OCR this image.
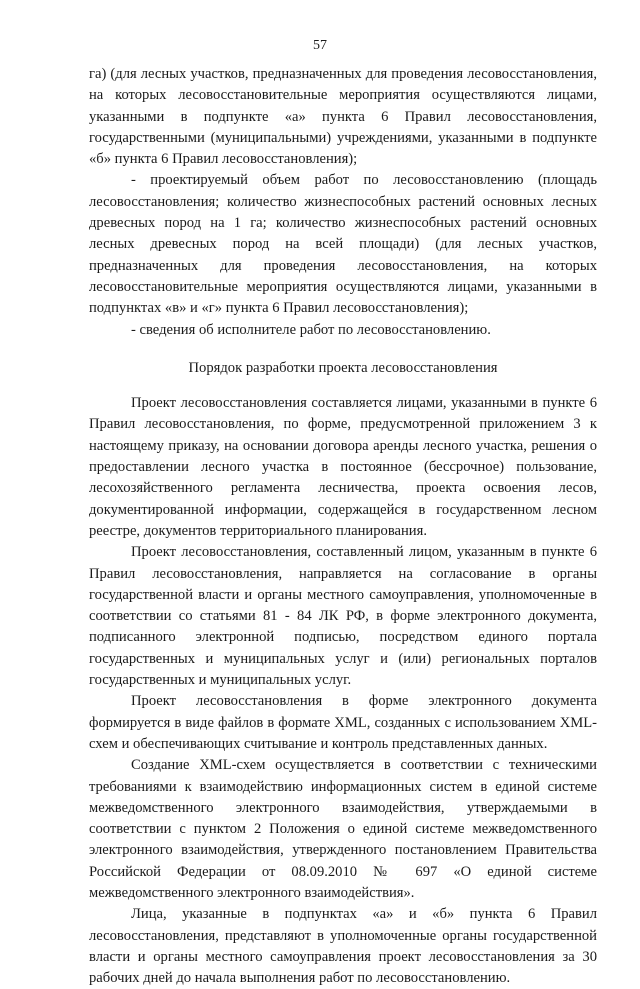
57

га) (для лесных участков, предназначенных для проведения лесовосстановления, на которых лесовосстановительные мероприятия осуществляются лицами, указанными в подпункте «а» пункта 6 Правил лесовосстановления, государственными (муниципальными) учреждениями, указанными в подпункте «б» пункта 6 Правил лесовосстановления);

- проектируемый объем работ по лесовосстановлению (площадь лесовосстановления; количество жизнеспособных растений основных лесных древесных пород на 1 га; количество жизнеспособных растений основных лесных древесных пород на всей площади) (для лесных участков, предназначенных для проведения лесовосстановления, на которых лесовосстановительные мероприятия осуществляются лицами, указанными в подпунктах «в» и «г» пункта 6 Правил лесовосстановления);

- сведения об исполнителе работ по лесовосстановлению.

Порядок разработки проекта лесовосстановления

Проект лесовосстановления составляется лицами, указанными в пункте 6 Правил лесовосстановления, по форме, предусмотренной приложением 3 к настоящему приказу, на основании договора аренды лесного участка, решения о предоставлении лесного участка в постоянное (бессрочное) пользование, лесохозяйственного регламента лесничества, проекта освоения лесов, документированной информации, содержащейся в государственном лесном реестре, документов территориального планирования.

Проект лесовосстановления, составленный лицом, указанным в пункте 6 Правил лесовосстановления, направляется на согласование в органы государственной власти и органы местного самоуправления, уполномоченные в соответствии со статьями 81 - 84 ЛК РФ, в форме электронного документа, подписанного электронной подписью, посредством единого портала государственных и муниципальных услуг и (или) региональных порталов государственных и муниципальных услуг.

Проект лесовосстановления в форме электронного документа формируется в виде файлов в формате XML, созданных с использованием XML-схем и обеспечивающих считывание и контроль представленных данных.

Создание XML-схем осуществляется в соответствии с техническими требованиями к взаимодействию информационных систем в единой системе межведомственного электронного взаимодействия, утверждаемыми в соответствии с пунктом 2 Положения о единой системе межведомственного электронного взаимодействия, утвержденного постановлением Правительства Российской Федерации от 08.09.2010 № 697 «О единой системе межведомственного электронного взаимодействия».

Лица, указанные в подпунктах «а» и «б» пункта 6 Правил лесовосстановления, представляют в уполномоченные органы государственной власти и органы местного самоуправления проект лесовосстановления за 30 рабочих дней до начала выполнения работ по лесовосстановлению.
